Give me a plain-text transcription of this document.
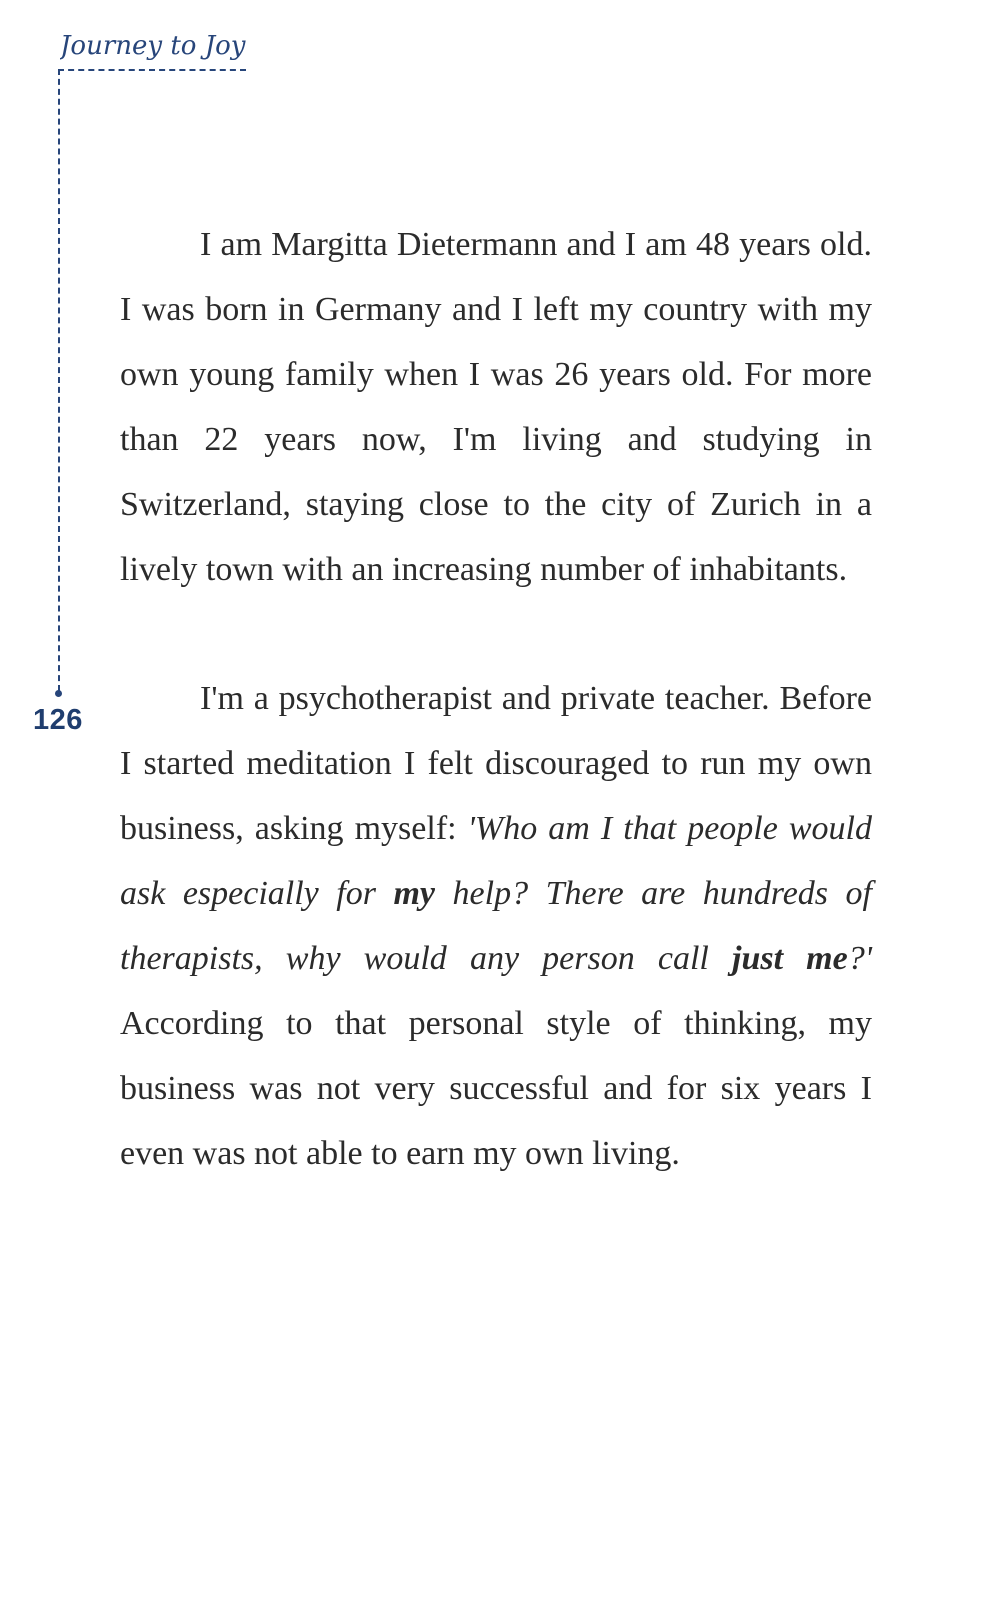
Journey to Joy
126

I am Margitta Dietermann and I am 48 years old. I was born in Germany and I left my country with my own young family when I was 26 years old. For more than 22 years now, I'm living and studying in Switzerland, staying close to the city of Zurich in a lively town with an increasing number of inhabitants.

I'm a psychotherapist and private teacher. Before I started meditation I felt discouraged to run my own business, asking myself: 'Who am I that people would ask especially for my help? There are hundreds of therapists, why would any person call just me?' According to that personal style of thinking, my business was not very successful and for six years I even was not able to earn my own living.
